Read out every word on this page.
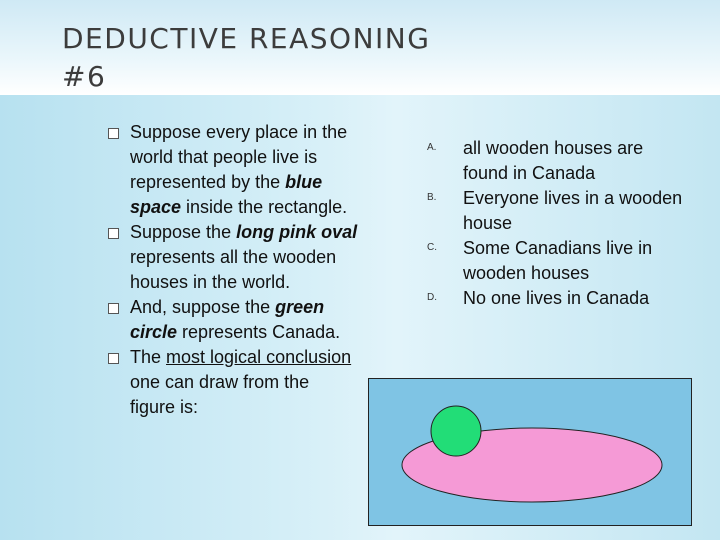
DEDUCTIVE REASONING #6
Suppose every place in the world that people live is represented by the blue space inside the rectangle.
Suppose the long pink oval represents all the wooden houses in the world.
And, suppose the green circle represents Canada.
The most logical conclusion one can draw from the figure is:
A. all wooden houses are found in Canada
B. Everyone lives in a wooden house
C. Some Canadians live in wooden houses
D. No one lives in Canada
